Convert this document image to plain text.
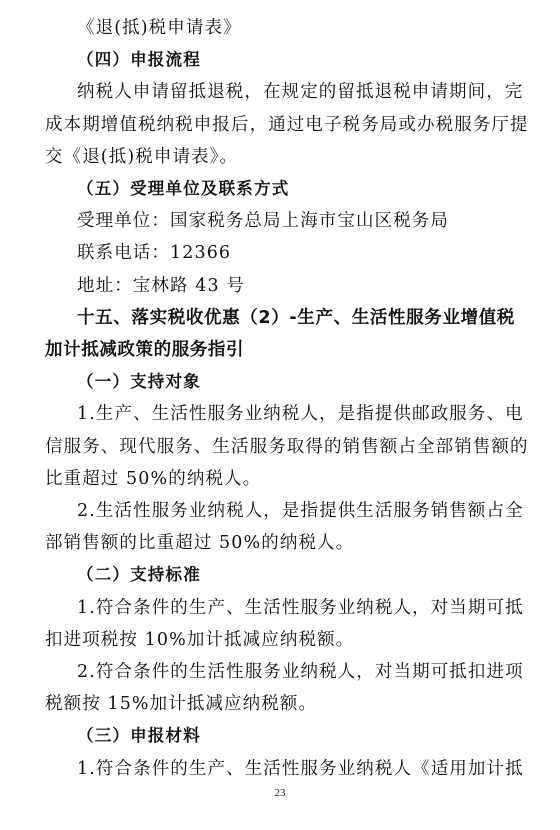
《退(抵)税申请表》
（四）申报流程
纳税人申请留抵退税，在规定的留抵退税申请期间，完
成本期增值税纳税申报后，通过电子税务局或办税服务厅提
交《退(抵)税申请表》。
（五）受理单位及联系方式
受理单位：国家税务总局上海市宝山区税务局
联系电话：12366
地址：宝林路 43 号
十五、落实税收优惠（2）-生产、生活性服务业增值税
加计抵减政策的服务指引
（一）支持对象
1.生产、生活性服务业纳税人，是指提供邮政服务、电
信服务、现代服务、生活服务取得的销售额占全部销售额的
比重超过 50%的纳税人。
2.生活性服务业纳税人，是指提供生活服务销售额占全
部销售额的比重超过 50%的纳税人。
（二）支持标准
1.符合条件的生产、生活性服务业纳税人，对当期可抵
扣进项税按 10%加计抵减应纳税额。
2.符合条件的生活性服务业纳税人，对当期可抵扣进项
税额按 15%加计抵减应纳税额。
（三）申报材料
1.符合条件的生产、生活性服务业纳税人《适用加计抵
23
